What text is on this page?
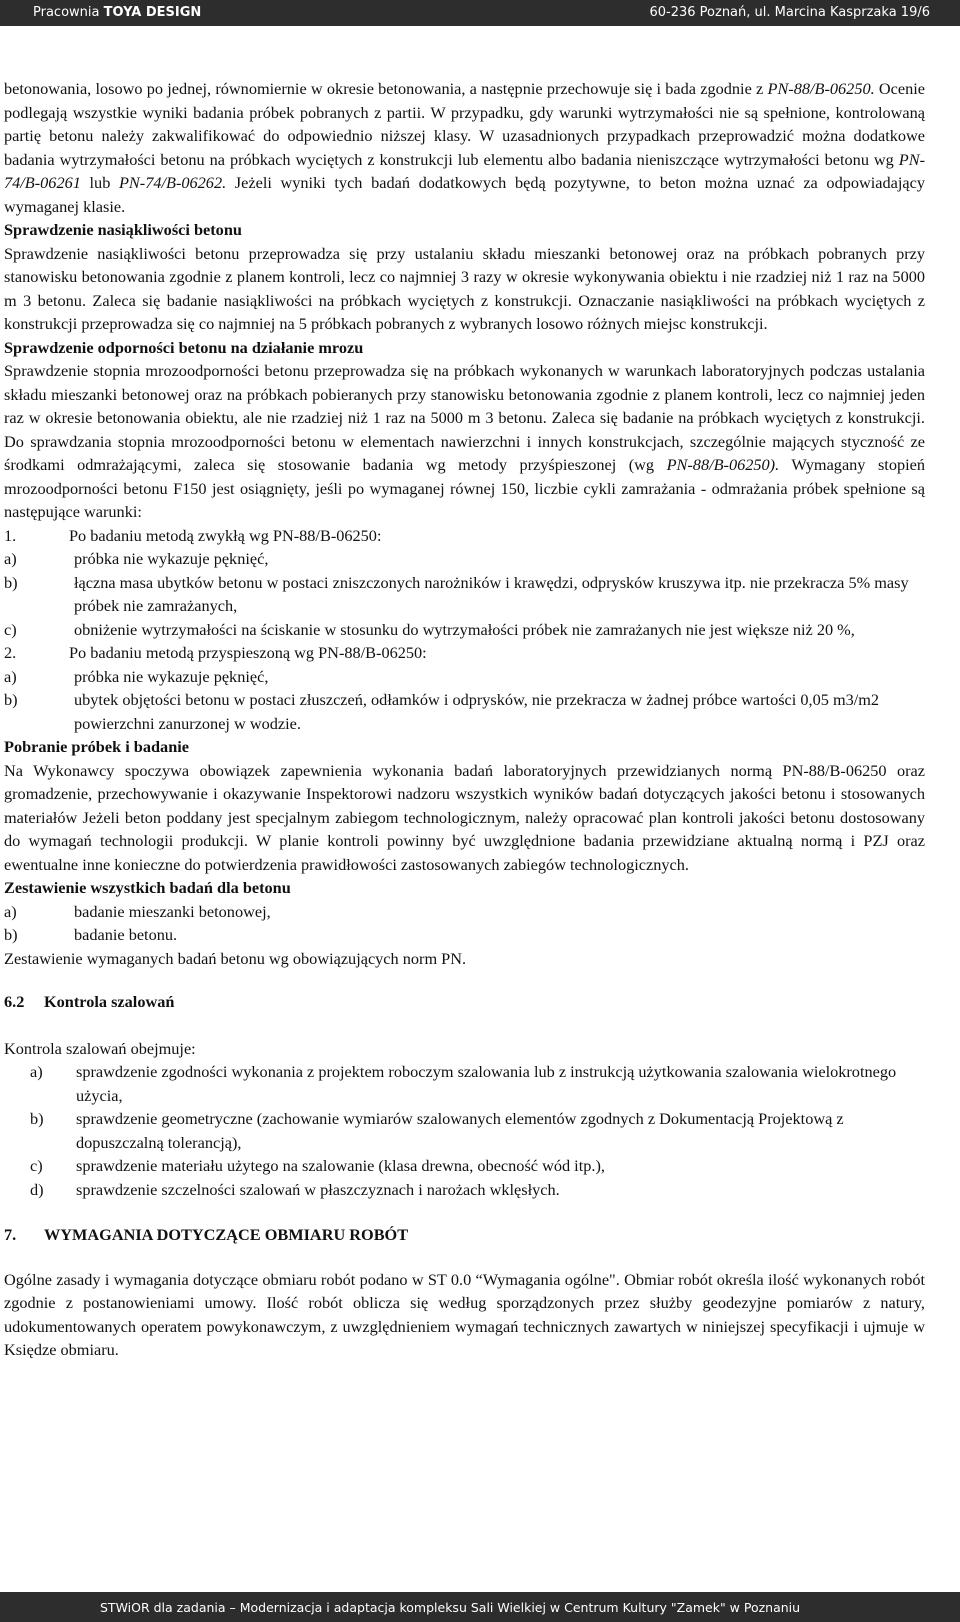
Pracownia TOYA DESIGN	60-236 Poznań, ul. Marcina Kasprzaka 19/6

betonowania, losowo po jednej, równomiernie w okresie betonowania, a następnie przechowuje się i bada zgodnie z PN-88/B-06250. Ocenie podlegają wszystkie wyniki badania próbek pobranych z partii. W przypadku, gdy warunki wytrzymałości nie są spełnione, kontrolowaną partię betonu należy zakwalifikować do odpowiednio niższej klasy. W uzasadnionych przypadkach przeprowadzić można dodatkowe badania wytrzymałości betonu na próbkach wyciętych z konstrukcji lub elementu albo badania nieniszczące wytrzymałości betonu wg PN-74/B-06261 lub PN-74/B-06262. Jeżeli wyniki tych badań dodatkowych będą pozytywne, to beton można uznać za odpowiadający wymaganej klasie.

Sprawdzenie nasiąkliwości betonu

Sprawdzenie nasiąkliwości betonu przeprowadza się przy ustalaniu składu mieszanki betonowej oraz na próbkach pobranych przy stanowisku betonowania zgodnie z planem kontroli, lecz co najmniej 3 razy w okresie wykonywania obiektu i nie rzadziej niż 1 raz na 5000 m 3 betonu. Zaleca się badanie nasiąkliwości na próbkach wyciętych z konstrukcji. Oznaczanie nasiąkliwości na próbkach wyciętych z konstrukcji przeprowadza się co najmniej na 5 próbkach pobranych z wybranych losowo różnych miejsc konstrukcji.

Sprawdzenie odporności betonu na działanie mrozu

Sprawdzenie stopnia mrozoodporności betonu przeprowadza się na próbkach wykonanych w warunkach laboratoryjnych podczas ustalania składu mieszanki betonowej oraz na próbkach pobieranych przy stanowisku betonowania zgodnie z planem kontroli, lecz co najmniej jeden raz w okresie betonowania obiektu, ale nie rzadziej niż 1 raz na 5000 m 3 betonu. Zaleca się badanie na próbkach wyciętych z konstrukcji. Do sprawdzania stopnia mrozoodporności betonu w elementach nawierzchni i innych konstrukcjach, szczególnie mających styczność ze środkami odmrażającymi, zaleca się stosowanie badania wg metody przyśpieszonej (wg PN-88/B-06250). Wymagany stopień mrozoodporności betonu F150 jest osiągnięty, jeśli po wymaganej równej 150, liczbie cykli zamrażania - odmrażania próbek spełnione są następujące warunki:

1.	Po badaniu metodą zwykłą wg PN-88/B-06250:
a)	próbka nie wykazuje pęknięć,
b)	łączna masa ubytków betonu w postaci zniszczonych narożników i krawędzi, odprysków kruszywa itp. nie przekracza 5% masy próbek nie zamrażanych,
c)	obniżenie wytrzymałości na ściskanie w stosunku do wytrzymałości próbek nie zamrażanych nie jest większe niż 20 %,
2.	Po badaniu metodą przyspieszoną wg PN-88/B-06250:
a)	próbka nie wykazuje pęknięć,
b)	ubytek objętości betonu w postaci złuszczeń, odłamków i odprysków, nie przekracza w żadnej próbce wartości 0,05 m3/m2 powierzchni zanurzonej w wodzie.
Pobranie próbek i badanie

Na Wykonawcy spoczywa obowiązek zapewnienia wykonania badań laboratoryjnych przewidzianych normą PN-88/B-06250 oraz gromadzenie, przechowywanie i okazywanie Inspektorowi nadzoru wszystkich wyników badań dotyczących jakości betonu i stosowanych materiałów Jeżeli beton poddany jest specjalnym zabiegom technologicznym, należy opracować plan kontroli jakości betonu dostosowany do wymagań technologii produkcji. W planie kontroli powinny być uwzględnione badania przewidziane aktualną normą i PZJ oraz ewentualne inne konieczne do potwierdzenia prawidłowości zastosowanych zabiegów technologicznych.

Zestawienie wszystkich badań dla betonu
a)	badanie mieszanki betonowej,
b)	badanie betonu.

Zestawienie wymaganych badań betonu wg obowiązujących norm PN.

6.2 Kontrola szalowań

Kontrola szalowań obejmuje:

a) sprawdzenie zgodności wykonania z projektem roboczym szalowania lub z instrukcją użytkowania szalowania wielokrotnego użycia,
b) sprawdzenie geometryczne (zachowanie wymiarów szalowanych elementów zgodnych z Dokumentacją Projektową z dopuszczalną tolerancją),
c) sprawdzenie materiału użytego na szalowanie (klasa drewna, obecność wód itp.),
d) sprawdzenie szczelności szalowań w płaszczyznach i narożach wklęsłych.
7. WYMAGANIA DOTYCZĄCE OBMIARU ROBÓT

Ogólne zasady i wymagania dotyczące obmiaru robót podano w ST 0.0 “Wymagania ogólne". Obmiar robót określa ilość wykonanych robót zgodnie z postanowieniami umowy. Ilość robót oblicza się według sporządzonych przez służby geodezyjne pomiarów z natury, udokumentowanych operatem powykonawczym, z uwzględnieniem wymagań technicznych zawartych w niniejszej specyfikacji i ujmuje w Księdze obmiaru.

STWiOR dla zadania – Modernizacja i adaptacja kompleksu Sali Wielkiej w Centrum Kultury "Zamek" w Poznaniu
